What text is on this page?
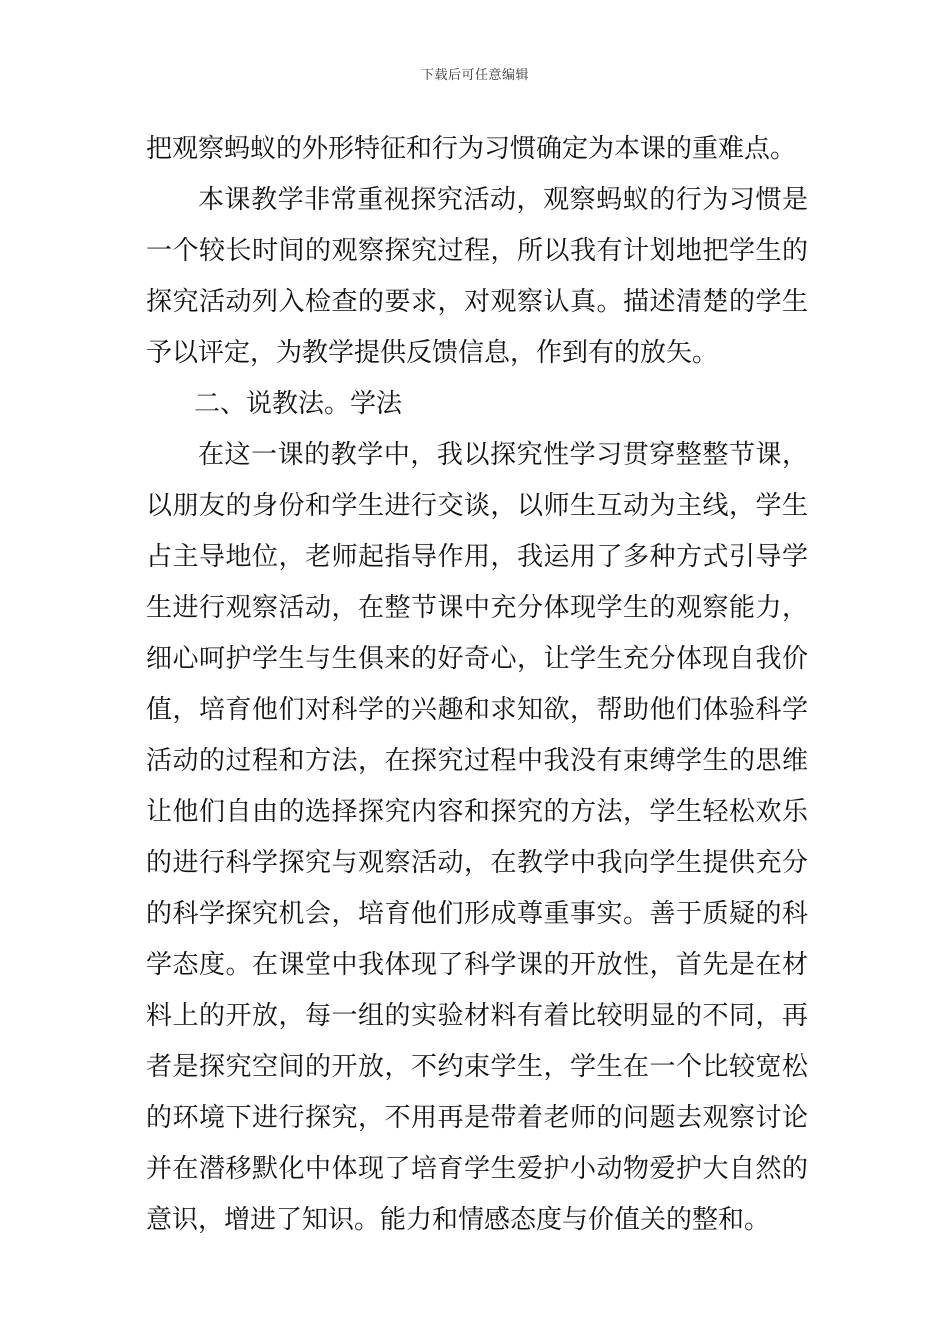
下载后可任意编辑
把观察蚂蚁的外形特征和行为习惯确定为本课的重难点。
本课教学非常重视探究活动，观察蚂蚁的行为习惯是
一个较长时间的观察探究过程，所以我有计划地把学生的
探究活动列入检查的要求，对观察认真。描述清楚的学生
予以评定，为教学提供反馈信息，作到有的放矢。
二、说教法。学法
在这一课的教学中，我以探究性学习贯穿整整节课，
以朋友的身份和学生进行交谈，以师生互动为主线，学生
占主导地位，老师起指导作用，我运用了多种方式引导学
生进行观察活动，在整节课中充分体现学生的观察能力，
细心呵护学生与生俱来的好奇心，让学生充分体现自我价
值，培育他们对科学的兴趣和求知欲，帮助他们体验科学
活动的过程和方法，在探究过程中我没有束缚学生的思维
让他们自由的选择探究内容和探究的方法，学生轻松欢乐
的进行科学探究与观察活动，在教学中我向学生提供充分
的科学探究机会，培育他们形成尊重事实。善于质疑的科
学态度。在课堂中我体现了科学课的开放性，首先是在材
料上的开放，每一组的实验材料有着比较明显的不同，再
者是探究空间的开放，不约束学生，学生在一个比较宽松
的环境下进行探究，不用再是带着老师的问题去观察讨论
并在潜移默化中体现了培育学生爱护小动物爱护大自然的
意识，增进了知识。能力和情感态度与价值关的整和。
